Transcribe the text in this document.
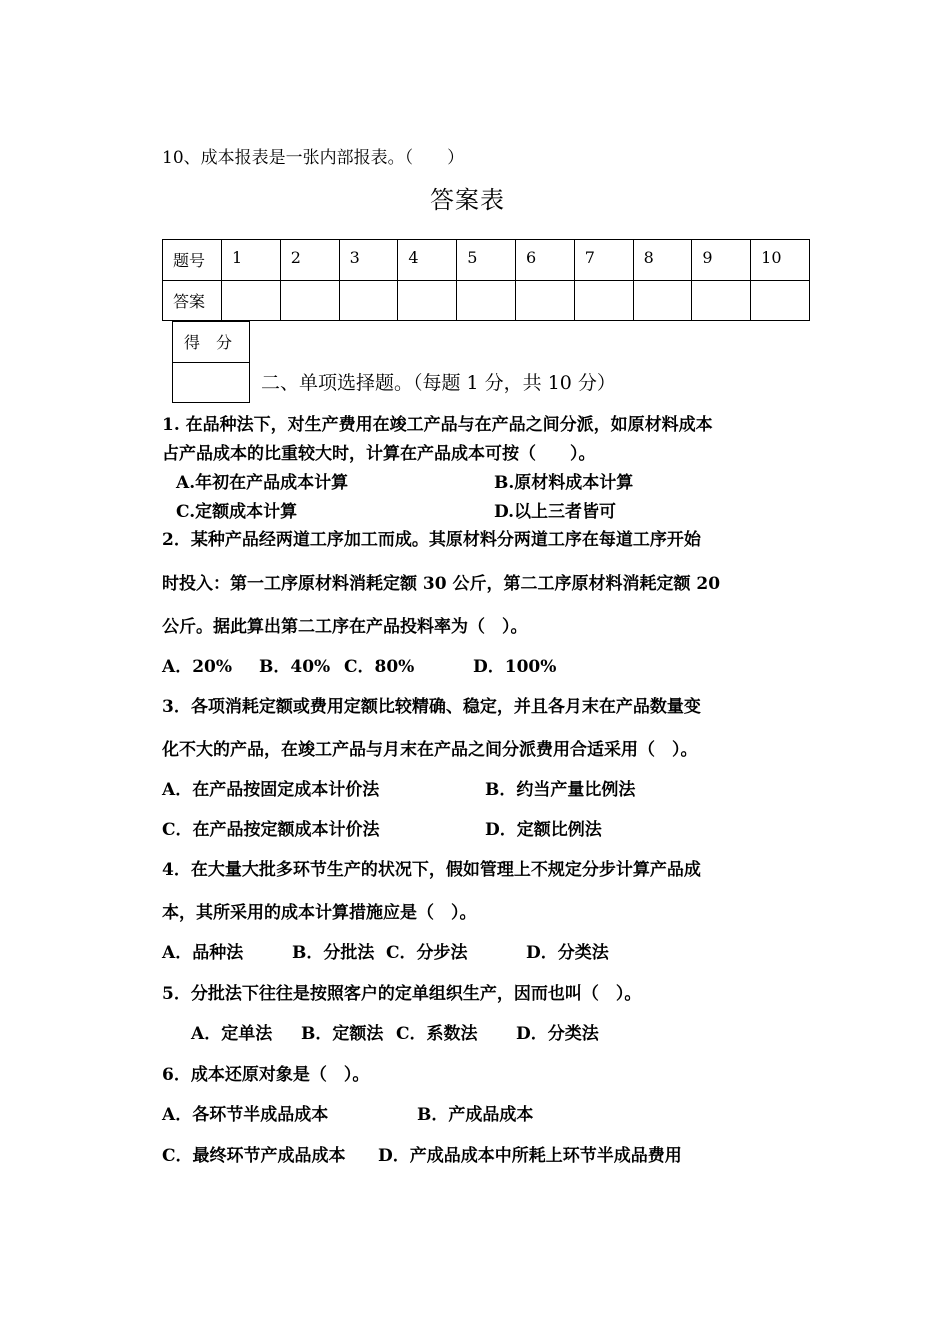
10、成本报表是一张内部报表。（　　）
答案表
题号	1	2	3	4	5	6	7	8	9	10
答案										
得　分
二、单项选择题。（每题 1 分，共 10 分）
1. 在品种法下，对生产费用在竣工产品与在产品之间分派，如原材料成本
占产品成本的比重较大时，计算在产品成本可按（　　）。
A.年初在产品成本计算	B.原材料成本计算
C.定额成本计算	D.以上三者皆可
2．某种产品经两道工序加工而成。其原材料分两道工序在每道工序开始
时投入：第一工序原材料消耗定额 30 公斤，第二工序原材料消耗定额 20
公斤。据此算出第二工序在产品投料率为（　）。
A．20% B．40% C．80%	D．100%
3．各项消耗定额或费用定额比较精确、稳定，并且各月末在产品数量变
化不大的产品，在竣工产品与月末在产品之间分派费用合适采用（　）。
A．在产品按固定成本计价法	B．约当产量比例法
C．在产品按定额成本计价法	D．定额比例法
4．在大量大批多环节生产的状况下，假如管理上不规定分步计算产品成
本，其所采用的成本计算措施应是（　）。
A．品种法	B．分批法 C．分步法	D．分类法
5．分批法下往往是按照客户的定单组织生产，因而也叫（　）。
A．定单法 B．定额法 C．系数法 D．分类法
6．成本还原对象是（　）。
A．各环节半成品成本	B．产成品成本
C．最终环节产成品成本 D．产成品成本中所耗上环节半成品费用
